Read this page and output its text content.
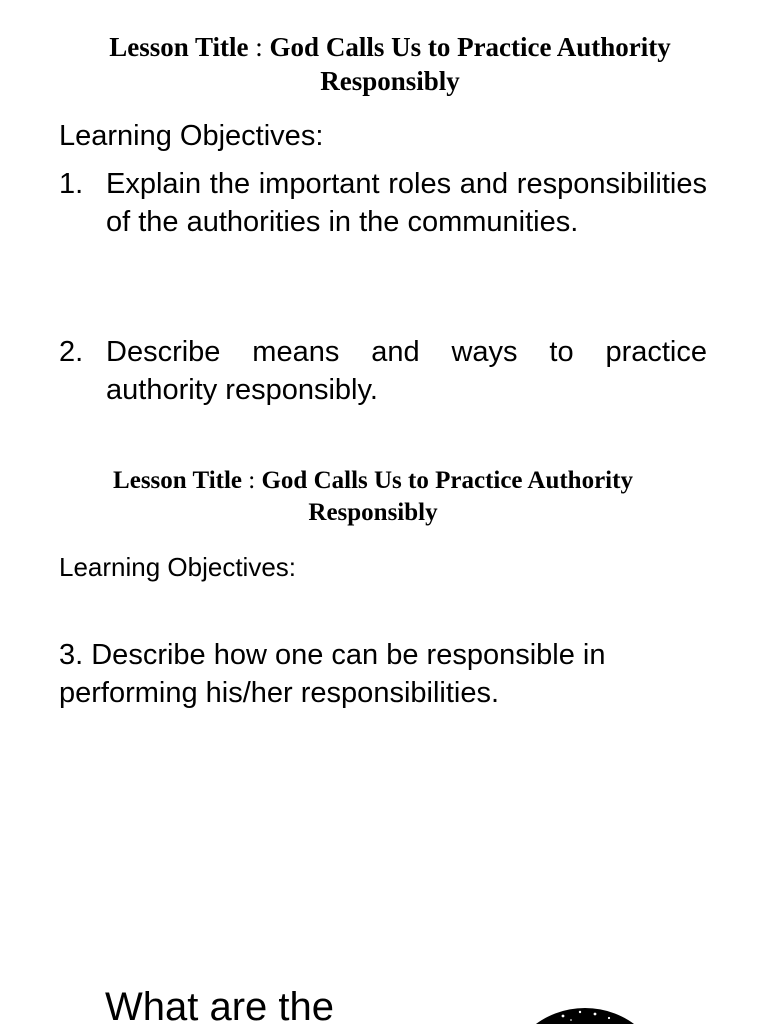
Lesson Title : God Calls Us to Practice Authority Responsibly
Learning Objectives:
1. Explain the important roles and responsibilities of the authorities in the communities.
2. Describe means and ways to practice authority responsibly.
Lesson Title : God Calls Us to Practice Authority Responsibly
Learning Objectives:
3. Describe how one can be responsible in performing his/her responsibilities.
What are the
